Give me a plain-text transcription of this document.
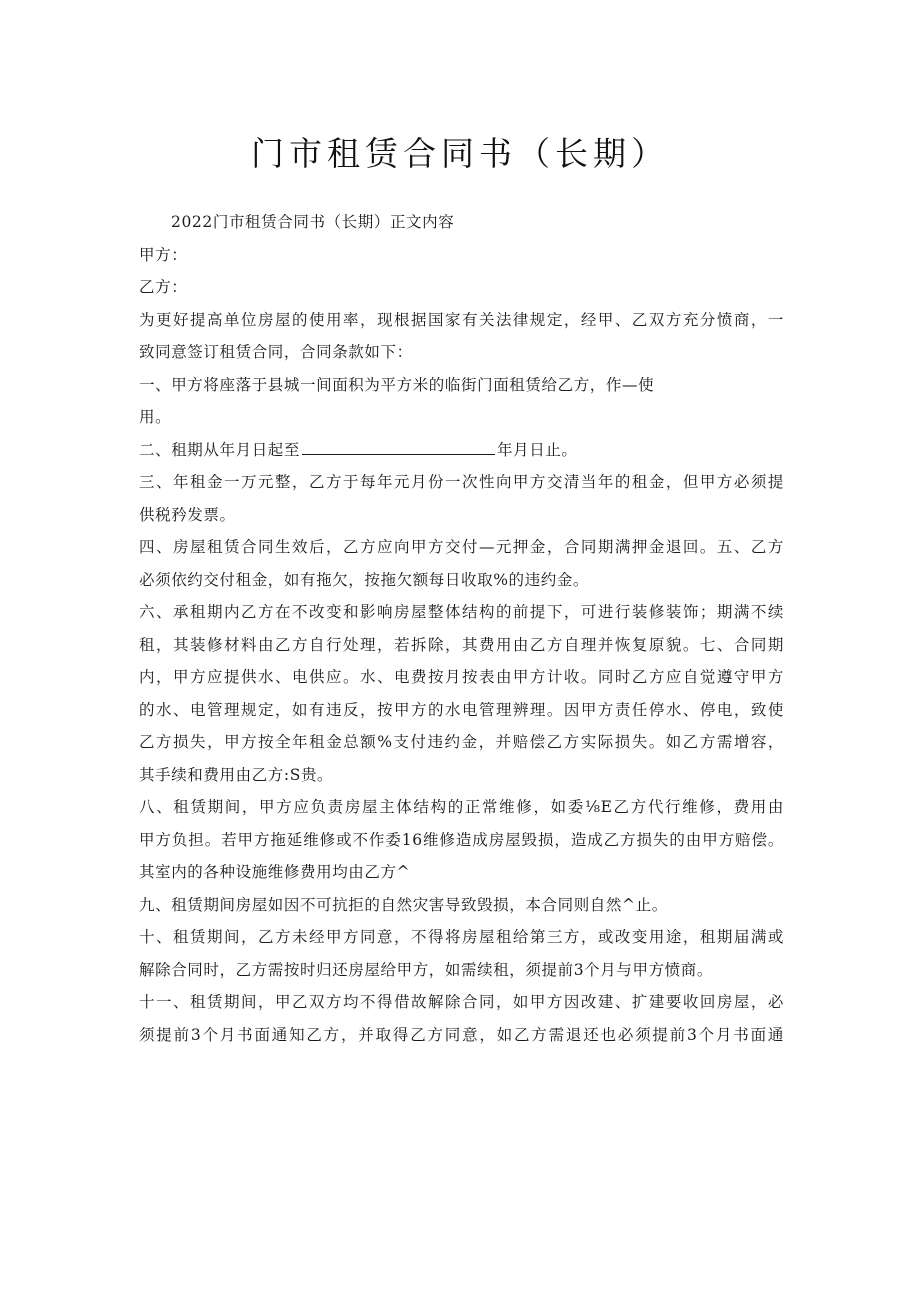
门市租赁合同书（长期）
2022门市租赁合同书（长期）正文内容
甲方：
乙方：
为更好提高单位房屋的使用率，现根据国家有关法律规定，经甲、乙双方充分愤商，一
致同意签订租赁合同，合同条款如下：
一、甲方将座落于县城一间面积为平方米的临街门面租赁给乙方，作—使
用。
二、租期从年月日起至	年月日止。
三、年租金一万元整，乙方于每年元月份一次性向甲方交清当年的租金，但甲方必须提
供税矜发票。
四、房屋租赁合同生效后，乙方应向甲方交付—元押金，合同期满押金退回。五、乙方
必须依约交付租金，如有拖欠，按拖欠额每日收取%的违约金。
六、承租期内乙方在不改变和影响房屋整体结构的前提下，可进行装修装饰；期满不续
租，其装修材料由乙方自行处理，若拆除，其费用由乙方自理并恢复原貌。七、合同期
内，甲方应提供水、电供应。水、电费按月按表由甲方计收。同时乙方应自觉遵守甲方
的水、电管理规定，如有违反，按甲方的水电管理辨理。因甲方责任停水、停电，致使
乙方损失，甲方按全年租金总额%支付违约金，并赔偿乙方实际损失。如乙方需增容，
其手续和费用由乙方:S贵。
八、租赁期间，甲方应负责房屋主体结构的正常维修，如委⅛E乙方代行维修，费用由
甲方负担。若甲方拖延维修或不作委16维修造成房屋毁损，造成乙方损失的由甲方赔偿。
其室内的各种设施维修费用均由乙方^
九、租赁期间房屋如因不可抗拒的自然灾害导致毁损，本合同则自然^止。
十、租赁期间，乙方未经甲方同意，不得将房屋租给第三方，或改变用途，租期届满或
解除合同时，乙方需按时归还房屋给甲方，如需续租，须提前3个月与甲方愤商。
十一、租赁期间，甲乙双方均不得借故解除合同，如甲方因改建、扩建要收回房屋，必
须提前3个月书面通知乙方，并取得乙方同意，如乙方需退还也必须提前3个月书面通
